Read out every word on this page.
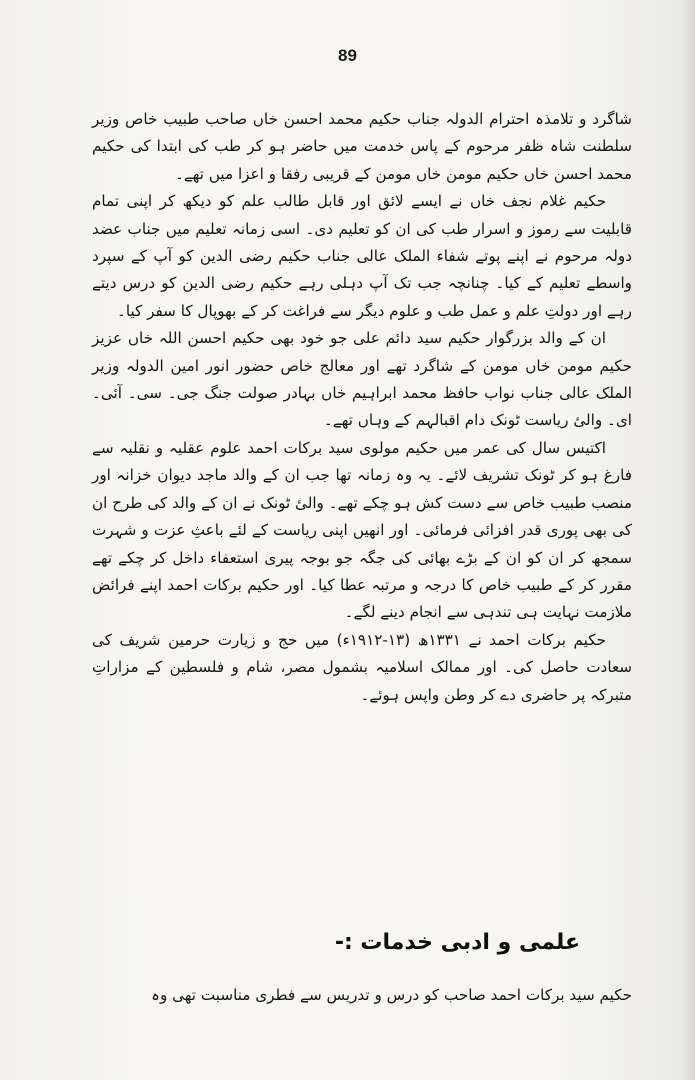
89

شاگرد و تلامذہ احترام الدولہ جناب حکیم محمد احسن خاں صاحب طبیب خاص وزیر سلطنت شاہ ظفر مرحوم کے پاس خدمت میں حاضر ہو کر طب کی ابتدا کی حکیم محمد احسن خاں حکیم مومن خاں مومن کے قریبی رفقا و اعزا میں تھے۔

حکیم غلام نجف خاں نے ایسے لائق اور قابل طالب علم کو دیکھ کر اپنی تمام قابلیت سے رموز و اسرار طب کی ان کو تعلیم دی۔ اسی زمانہ تعلیم میں جناب عضد دولہ مرحوم نے اپنے پوتے شفاء الملک عالی جناب حکیم رضی الدین کو آپ کے سپرد واسطے تعلیم کے کیا۔ چنانچہ جب تک آپ دہلی رہے حکیم رضی الدین کو درس دیتے رہے اور دولتِ علم و عمل طب و علوم دیگر سے فراغت کر کے بھوپال کا سفر کیا۔

ان کے والد بزرگوار حکیم سید دائم علی جو خود بھی حکیم احسن اللہ خاں عزیز حکیم مومن خاں مومن کے شاگرد تھے اور معالج خاص حضور انور امین الدولہ وزیر الملک عالی جناب نواب حافظ محمد ابراہیم خاں بہادر صولت جنگ جی۔ سی۔ آئی۔ ای۔ والیٔ ریاست ٹونک دام اقبالہم کے وہاں تھے۔

اکتیس سال کی عمر میں حکیم مولوی سید برکات احمد علوم عقلیہ و نقلیہ سے فارغ ہو کر ٹونک تشریف لائے۔ یہ وہ زمانہ تھا جب ان کے والد ماجد دیوان خزانہ اور منصب طبیب خاص سے دست کش ہو چکے تھے۔ والیٔ ٹونک نے ان کے والد کی طرح ان کی بھی پوری قدر افزائی فرمائی۔ اور انھیں اپنی ریاست کے لئے باعثِ عزت و شہرت سمجھ کر ان کو ان کے بڑے بھائی کی جگہ جو بوجہ پیری استعفاء داخل کر چکے تھے مقرر کر کے طبیب خاص کا درجہ و مرتبہ عطا کیا۔ اور حکیم برکات احمد اپنے فرائض ملازمت نہایت ہی تندہی سے انجام دینے لگے۔

حکیم برکات احمد نے ۱۳۳۱ھ (۱۳-۱۹۱۲ء) میں حج و زیارت حرمین شریف کی سعادت حاصل کی۔ اور ممالک اسلامیہ بشمول مصر، شام و فلسطین کے مزاراتِ متبرکہ پر حاضری دے کر وطن واپس ہوئے۔

علمی و ادبی خدمات :-
حکیم سید برکات احمد صاحب کو درس و تدریس سے فطری مناسبت تھی وہ
